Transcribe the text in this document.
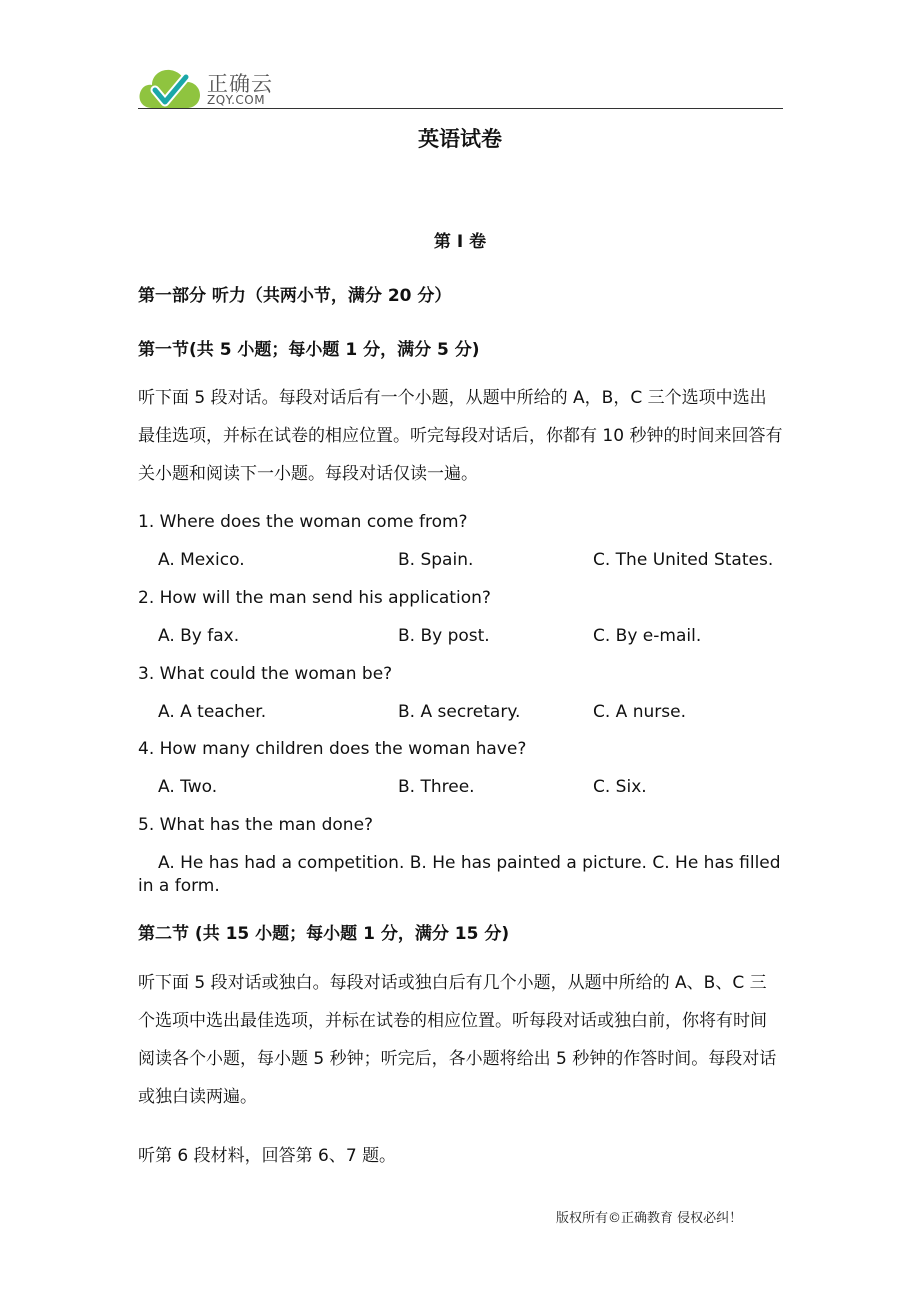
正确云
ZQY.COM
英语试卷
第 I 卷
第一部分 听力（共两小节，满分 20 分）
第一节(共 5 小题；每小题 1 分，满分 5 分)

听下面 5 段对话。每段对话后有一个小题，从题中所给的 A，B，C 三个选项中选出最佳选项，并标在试卷的相应位置。听完每段对话后，你都有 10 秒钟的时间来回答有关小题和阅读下一小题。每段对话仅读一遍。

1. Where does the woman come from?
A. Mexico.	B. Spain.	C. The United States.
2. How will the man send his application?
A. By fax.	B. By post.	C. By e-mail.
3. What could the woman be?
A. A teacher.	B. A secretary.	C. A nurse.
4. How many children does the woman have?
A. Two.	B. Three.	C. Six.
5. What has the man done?

A. He has had a competition. B. He has painted a picture. C. He has filled in a form.

第二节 (共 15 小题；每小题 1 分，满分 15 分)

听下面 5 段对话或独白。每段对话或独白后有几个小题，从题中所给的 A、B、C 三个选项中选出最佳选项，并标在试卷的相应位置。听每段对话或独白前，你将有时间阅读各个小题，每小题 5 秒钟；听完后，各小题将给出 5 秒钟的作答时间。每段对话或独白读两遍。

听第 6 段材料，回答第 6、7 题。
版权所有©正确教育 侵权必纠！
